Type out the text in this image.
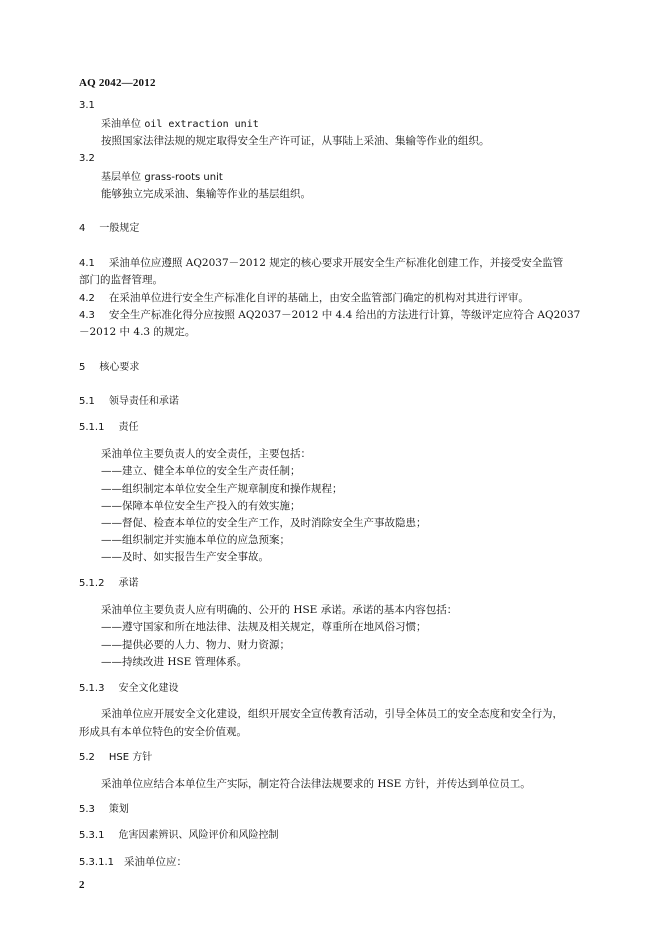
AQ 2042—2012
3.1
采油单位 oil extraction unit
按照国家法律法规的规定取得安全生产许可证，从事陆上采油、集输等作业的组织。
3.2
基层单位 grass-roots unit
能够独立完成采油、集输等作业的基层组织。
4 一般规定
4.1 采油单位应遵照 AQ2037－2012 规定的核心要求开展安全生产标准化创建工作，并接受安全监管
部门的监督管理。
4.2 在采油单位进行安全生产标准化自评的基础上，由安全监管部门确定的机构对其进行评审。
4.3 安全生产标准化得分应按照 AQ2037－2012 中 4.4 给出的方法进行计算，等级评定应符合 AQ2037
－2012 中 4.3 的规定。
5 核心要求
5.1 领导责任和承诺
5.1.1 责任
采油单位主要负责人的安全责任，主要包括：
——建立、健全本单位的安全生产责任制；
——组织制定本单位安全生产规章制度和操作规程；
——保障本单位安全生产投入的有效实施；
——督促、检查本单位的安全生产工作，及时消除安全生产事故隐患；
——组织制定并实施本单位的应急预案；
——及时、如实报告生产安全事故。
5.1.2 承诺
采油单位主要负责人应有明确的、公开的 HSE 承诺。承诺的基本内容包括：
——遵守国家和所在地法律、法规及相关规定，尊重所在地风俗习惯；
——提供必要的人力、物力、财力资源；
——持续改进 HSE 管理体系。
5.1.3 安全文化建设
采油单位应开展安全文化建设，组织开展安全宣传教育活动，引导全体员工的安全态度和安全行为，
形成具有本单位特色的安全价值观。
5.2 HSE 方针
采油单位应结合本单位生产实际，制定符合法律法规要求的 HSE 方针，并传达到单位员工。
5.3 策划
5.3.1 危害因素辨识、风险评价和风险控制
5.3.1.1 采油单位应：
2
